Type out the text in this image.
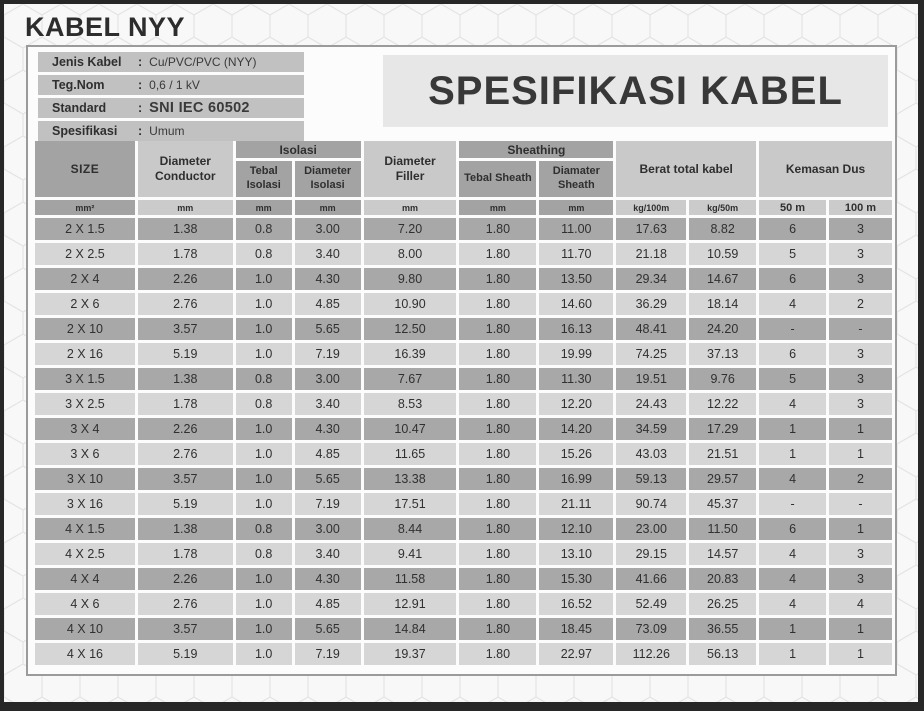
KABEL NYY
Jenis Kabel	: Cu/PVC/PVC (NYY)
Teg.Nom	: 0,6 / 1 kV
Standard	: SNI IEC 60502
Spesifikasi	: Umum
SPESIFIKASI KABEL
SIZE	Diameter Conductor	Isolasi		Diameter Filler	Sheathing		Berat total kabel		Kemasan Dus	
		Tebal Isolasi	Diameter Isolasi		Tebal Sheath	Diamater Sheath				
mm²	mm	mm	mm	mm	mm	mm	kg/100m	kg/50m	50 m	100 m
2 X 1.5	1.38	0.8	3.00	7.20	1.80	11.00	17.63	8.82	6	3
2 X 2.5	1.78	0.8	3.40	8.00	1.80	11.70	21.18	10.59	5	3
2 X 4	2.26	1.0	4.30	9.80	1.80	13.50	29.34	14.67	6	3
2 X 6	2.76	1.0	4.85	10.90	1.80	14.60	36.29	18.14	4	2
2 X 10	3.57	1.0	5.65	12.50	1.80	16.13	48.41	24.20	-	-
2 X 16	5.19	1.0	7.19	16.39	1.80	19.99	74.25	37.13	6	3
3 X 1.5	1.38	0.8	3.00	7.67	1.80	11.30	19.51	9.76	5	3
3 X 2.5	1.78	0.8	3.40	8.53	1.80	12.20	24.43	12.22	4	3
3 X 4	2.26	1.0	4.30	10.47	1.80	14.20	34.59	17.29	1	1
3 X 6	2.76	1.0	4.85	11.65	1.80	15.26	43.03	21.51	1	1
3 X 10	3.57	1.0	5.65	13.38	1.80	16.99	59.13	29.57	4	2
3 X 16	5.19	1.0	7.19	17.51	1.80	21.11	90.74	45.37	-	-
4 X 1.5	1.38	0.8	3.00	8.44	1.80	12.10	23.00	11.50	6	1
4 X 2.5	1.78	0.8	3.40	9.41	1.80	13.10	29.15	14.57	4	3
4 X 4	2.26	1.0	4.30	11.58	1.80	15.30	41.66	20.83	4	3
4 X 6	2.76	1.0	4.85	12.91	1.80	16.52	52.49	26.25	4	4
4 X 10	3.57	1.0	5.65	14.84	1.80	18.45	73.09	36.55	1	1
4 X 16	5.19	1.0	7.19	19.37	1.80	22.97	112.26	56.13	1	1
